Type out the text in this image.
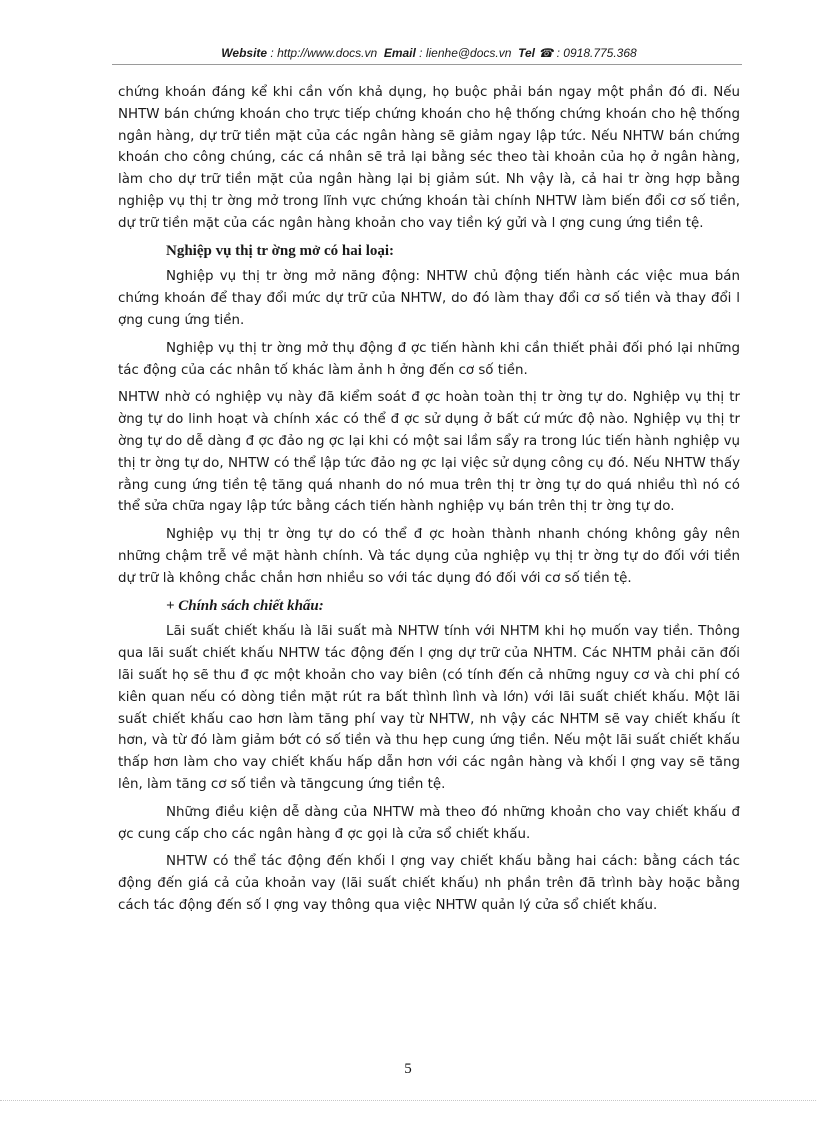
Website : http://www.docs.vn Email : lienhe@docs.vn Tel ☎ : 0918.775.368

chứng khoán đáng kể khi cần vốn khả dụng, họ buộc phải bán ngay một phần đó đi. Nếu NHTW bán chứng khoán cho trực tiếp chứng khoán cho hệ thống chứng khoán cho hệ thống ngân hàng, dự trữ tiền mặt của các ngân hàng sẽ giảm ngay lập tức. Nếu NHTW bán chứng khoán cho công chúng, các cá nhân sẽ trả lại bằng séc theo tài khoản của họ ở ngân hàng, làm cho dự trữ tiền mặt của ngân hàng lại bị giảm sút. Nh vậy là, cả hai tr ờng hợp bằng nghiệp vụ thị tr ờng mở trong lĩnh vực chứng khoán tài chính NHTW làm biến đổi cơ số tiền, dự trữ tiền mặt của các ngân hàng khoản cho vay tiền ký gửi và l ợng cung ứng tiền tệ.

Nghiệp vụ thị tr ờng mở có hai loại:

Nghiệp vụ thị tr ờng mở năng động: NHTW chủ động tiến hành các việc mua bán chứng khoán để thay đổi mức dự trữ của NHTW, do đó làm thay đổi cơ số tiền và thay đổi l ợng cung ứng tiền.

Nghiệp vụ thị tr ờng mở thụ động đ ợc tiến hành khi cần thiết phải đối phó lại những tác động của các nhân tố khác làm ảnh h ởng đến cơ số tiền.

NHTW nhờ có nghiệp vụ này đã kiểm soát đ ợc hoàn toàn thị tr ờng tự do. Nghiệp vụ thị tr ờng tự do linh hoạt và chính xác có thể đ ợc sử dụng ở bất cứ mức độ nào. Nghiệp vụ thị tr ờng tự do dễ dàng đ ợc đảo ng ợc lại khi có một sai lầm sẩy ra trong lúc tiến hành nghiệp vụ thị tr ờng tự do, NHTW có thể lập tức đảo ng ợc lại việc sử dụng công cụ đó. Nếu NHTW thấy rằng cung ứng tiền tệ tăng quá nhanh do nó mua trên thị tr ờng tự do quá nhiều thì nó có thể sửa chữa ngay lập tức bằng cách tiến hành nghiệp vụ bán trên thị tr ờng tự do.

Nghiệp vụ thị tr ờng tự do có thể đ ợc hoàn thành nhanh chóng không gây nên những chậm trễ về mặt hành chính. Và tác dụng của nghiệp vụ thị tr ờng tự do đối với tiền dự trữ là không chắc chắn hơn nhiều so với tác dụng đó đối với cơ số tiền tệ.

+ Chính sách chiết khấu:

Lãi suất chiết khấu là lãi suất mà NHTW tính với NHTM khi họ muốn vay tiền. Thông qua lãi suất chiết khấu NHTW tác động đến l ợng dự trữ của NHTM. Các NHTM phải căn đối lãi suất họ sẽ thu đ ợc một khoản cho vay biên (có tính đến cả những nguy cơ và chi phí có kiên quan nếu có dòng tiền mặt rút ra bất thình lình và lớn) với lãi suất chiết khấu. Một lãi suất chiết khấu cao hơn làm tăng phí vay từ NHTW, nh vậy các NHTM sẽ vay chiết khấu ít hơn, và từ đó làm giảm bớt có số tiền và thu hẹp cung ứng tiền. Nếu một lãi suất chiết khấu thấp hơn làm cho vay chiết khấu hấp dẫn hơn với các ngân hàng và khối l ợng vay sẽ tăng lên, làm tăng cơ số tiền và tăngcung ứng tiền tệ.

Những điều kiện dễ dàng của NHTW mà theo đó những khoản cho vay chiết khấu đ ợc cung cấp cho các ngân hàng đ ợc gọi là cửa sổ chiết khấu.

NHTW có thể tác động đến khối l ợng vay chiết khấu bằng hai cách: bằng cách tác động đến giá cả của khoản vay (lãi suất chiết khấu) nh phần trên đã trình bày hoặc bằng cách tác động đến số l ợng vay thông qua việc NHTW quản lý cửa sổ chiết khấu.

5
